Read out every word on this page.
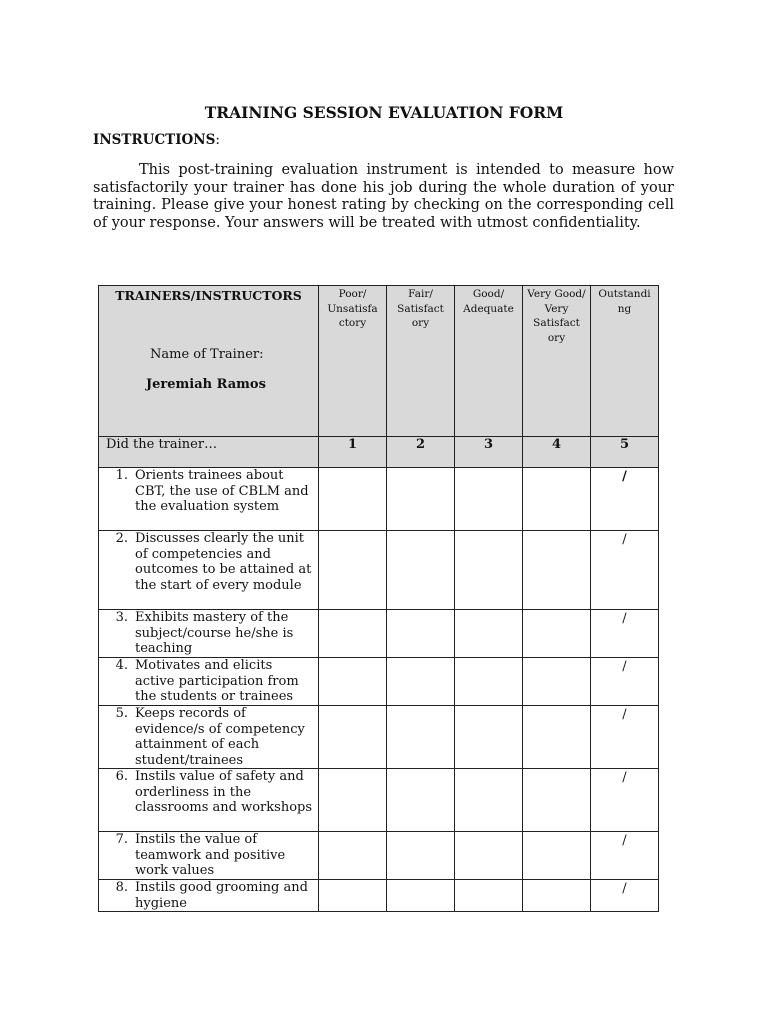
TRAINING SESSION EVALUATION FORM
INSTRUCTIONS:
This post-training evaluation instrument is intended to measure how satisfactorily your trainer has done his job during the whole duration of your training. Please give your honest rating by checking on the corresponding cell of your response. Your answers will be treated with utmost confidentiality.
TRAINERS/INSTRUCTORS
Name of Trainer:
Jeremiah Ramos	Poor/ Unsatisfa ctory	Fair/ Satisfact ory	Good/ Adequate	Very Good/ Very Satisfact ory	Outstandi ng
Did the trainer…	1	2	3	4	5

1. Orients trainees about CBT, the use of CBLM and the evaluation system					/

2. Discusses clearly the unit of competencies and outcomes to be attained at the start of every module					/

3. Exhibits mastery of the subject/course he/she is teaching					/

4. Motivates and elicits active participation from the students or trainees					/

5. Keeps records of evidence/s of competency attainment of each student/trainees					/

6. Instils value of safety and orderliness in the classrooms and workshops					/

7. Instils the value of teamwork and positive work values					/

8. Instils good grooming and hygiene					/
